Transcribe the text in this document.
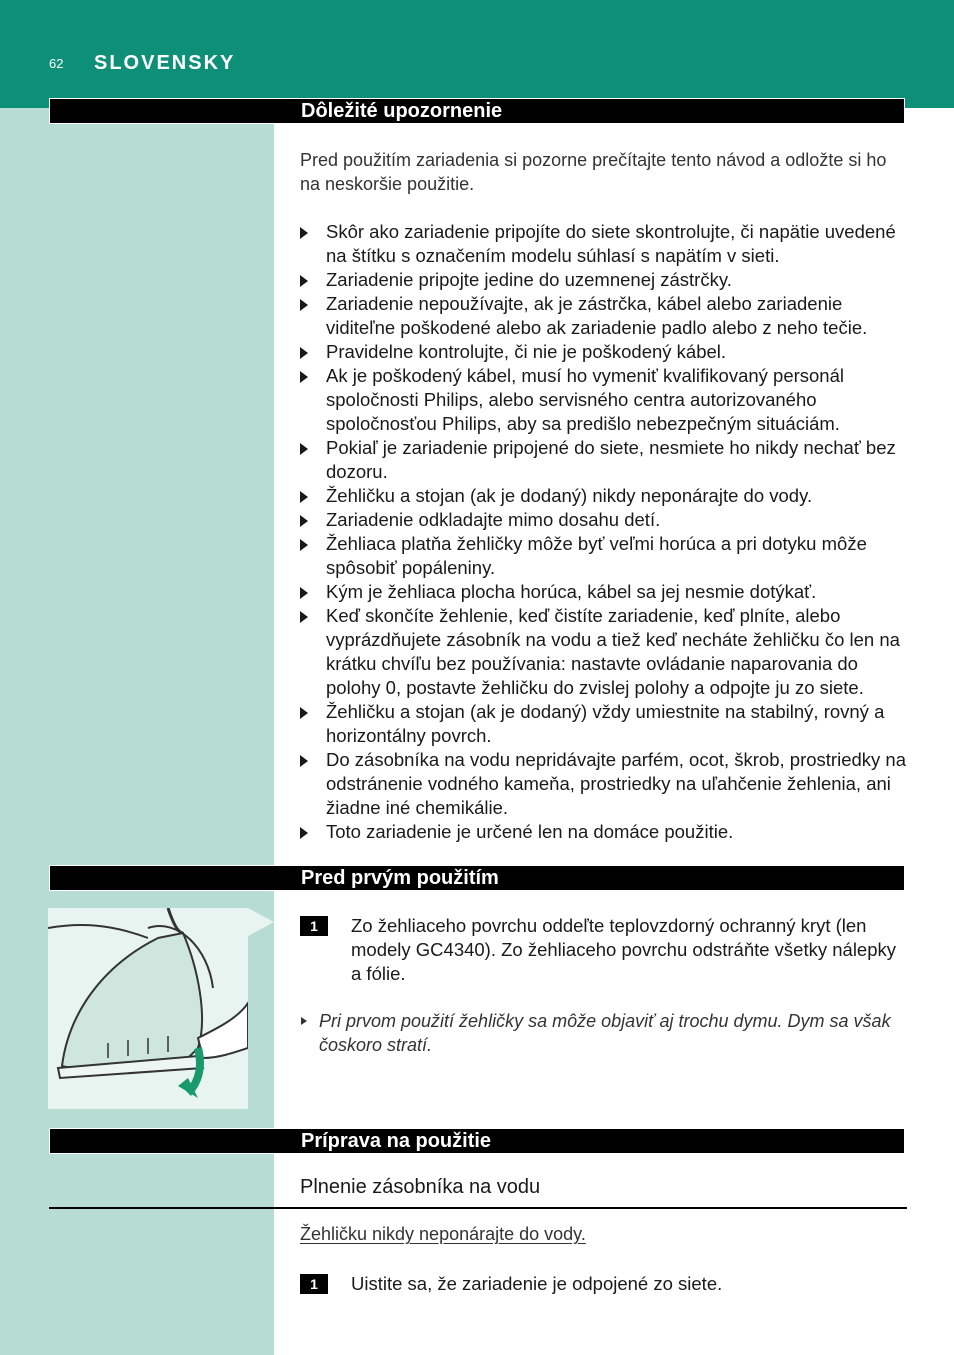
62 SLOVENSKY
Dôležité upozornenie
Pred použitím zariadenia si pozorne prečítajte tento návod a odložte si ho na neskoršie použitie.
Skôr ako zariadenie pripojíte do siete skontrolujte, či napätie uvedené na štítku s označením modelu súhlasí s napätím v sieti.
Zariadenie pripojte jedine do uzemnenej zástrčky.
Zariadenie nepoužívajte, ak je zástrčka, kábel alebo zariadenie viditeľne poškodené alebo ak zariadenie padlo alebo z neho tečie.
Pravidelne kontrolujte, či nie je poškodený kábel.
Ak je poškodený kábel, musí ho vymeniť kvalifikovaný personál spoločnosti Philips, alebo servisného centra autorizovaného spoločnosťou Philips, aby sa predišlo nebezpečným situáciám.
Pokiaľ je zariadenie pripojené do siete, nesmiete ho nikdy nechať bez dozoru.
Žehličku a stojan (ak je dodaný) nikdy neponárajte do vody.
Zariadenie odkladajte mimo dosahu detí.
Žehliaca platňa žehličky môže byť veľmi horúca a pri dotyku môže spôsobiť popáleniny.
Kým je žehliaca plocha horúca, kábel sa jej nesmie dotýkať.
Keď skončíte žehlenie, keď čistíte zariadenie, keď plníte, alebo vyprázdňujete zásobník na vodu a tiež keď necháte žehličku čo len na krátku chvíľu bez používania: nastavte ovládanie naparovania do polohy 0, postavte žehličku do zvislej polohy a odpojte ju zo siete.
Žehličku a stojan (ak je dodaný) vždy umiestnite na stabilný, rovný a horizontálny povrch.
Do zásobníka na vodu nepridávajte parfém, ocot, škrob, prostriedky na odstránenie vodného kameňa, prostriedky na uľahčenie žehlenia, ani žiadne iné chemikálie.
Toto zariadenie je určené len na domáce použitie.
Pred prvým použitím
1	Zo žehliaceho povrchu oddeľte teplovzdorný ochranný kryt (len modely GC4340). Zo žehliaceho povrchu odstráňte všetky nálepky a fólie.
Pri prvom použití žehličky sa môže objaviť aj trochu dymu. Dym sa však čoskoro stratí.
Príprava na použitie
Plnenie zásobníka na vodu
Žehličku nikdy neponárajte do vody.
1	Uistite sa, že zariadenie je odpojené zo siete.
